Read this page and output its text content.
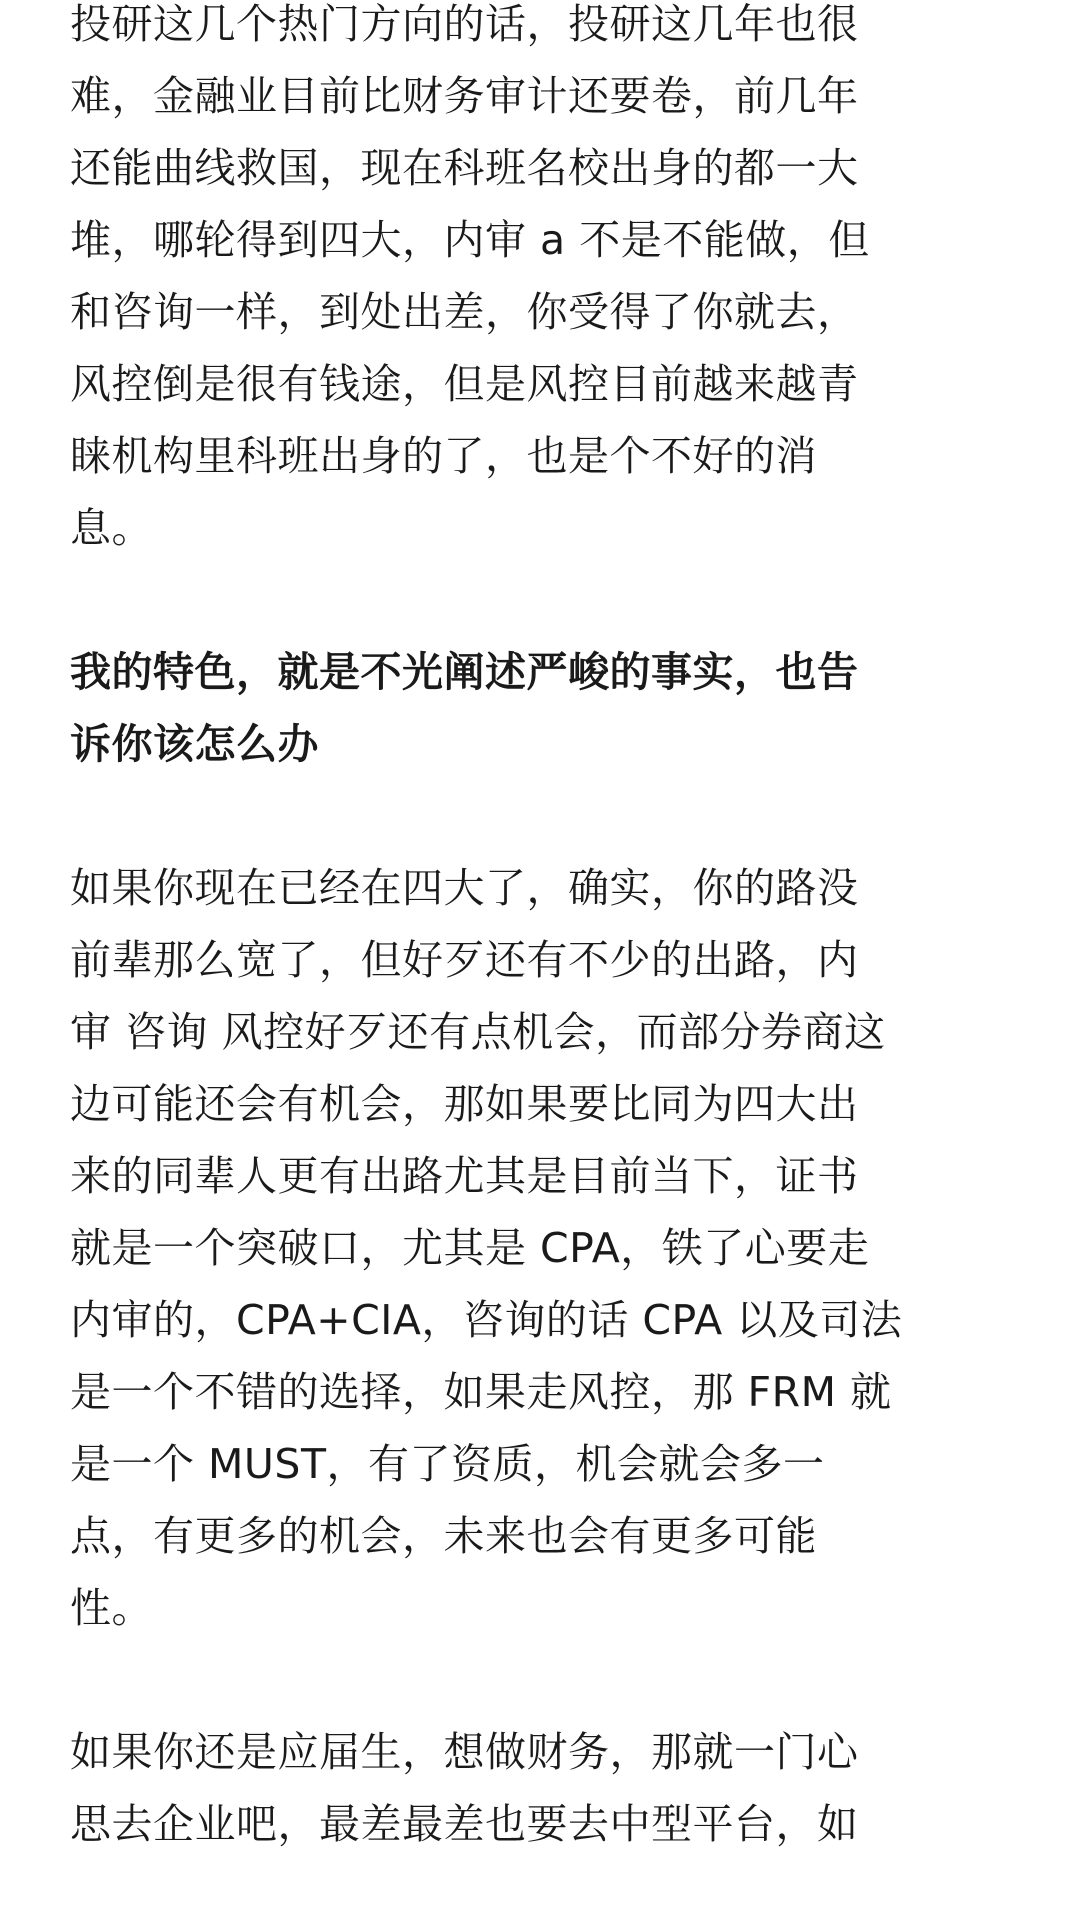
投研这几个热门方向的话，投研这几年也很
难，金融业目前比财务审计还要卷，前几年
还能曲线救国，现在科班名校出身的都一大
堆，哪轮得到四大，内审 a 不是不能做，但
和咨询一样，到处出差，你受得了你就去，
风控倒是很有钱途，但是风控目前越来越青
睐机构里科班出身的了，也是个不好的消
息。

我的特色，就是不光阐述严峻的事实，也告
诉你该怎么办

如果你现在已经在四大了，确实，你的路没
前辈那么宽了，但好歹还有不少的出路，内
审 咨询 风控好歹还有点机会，而部分券商这
边可能还会有机会，那如果要比同为四大出
来的同辈人更有出路尤其是目前当下，证书
就是一个突破口，尤其是 CPA，铁了心要走
内审的，CPA+CIA，咨询的话 CPA 以及司法
是一个不错的选择，如果走风控，那 FRM 就
是一个 MUST，有了资质，机会就会多一
点，有更多的机会，未来也会有更多可能
性。

如果你还是应届生，想做财务，那就一门心
思去企业吧，最差最差也要去中型平台，如
